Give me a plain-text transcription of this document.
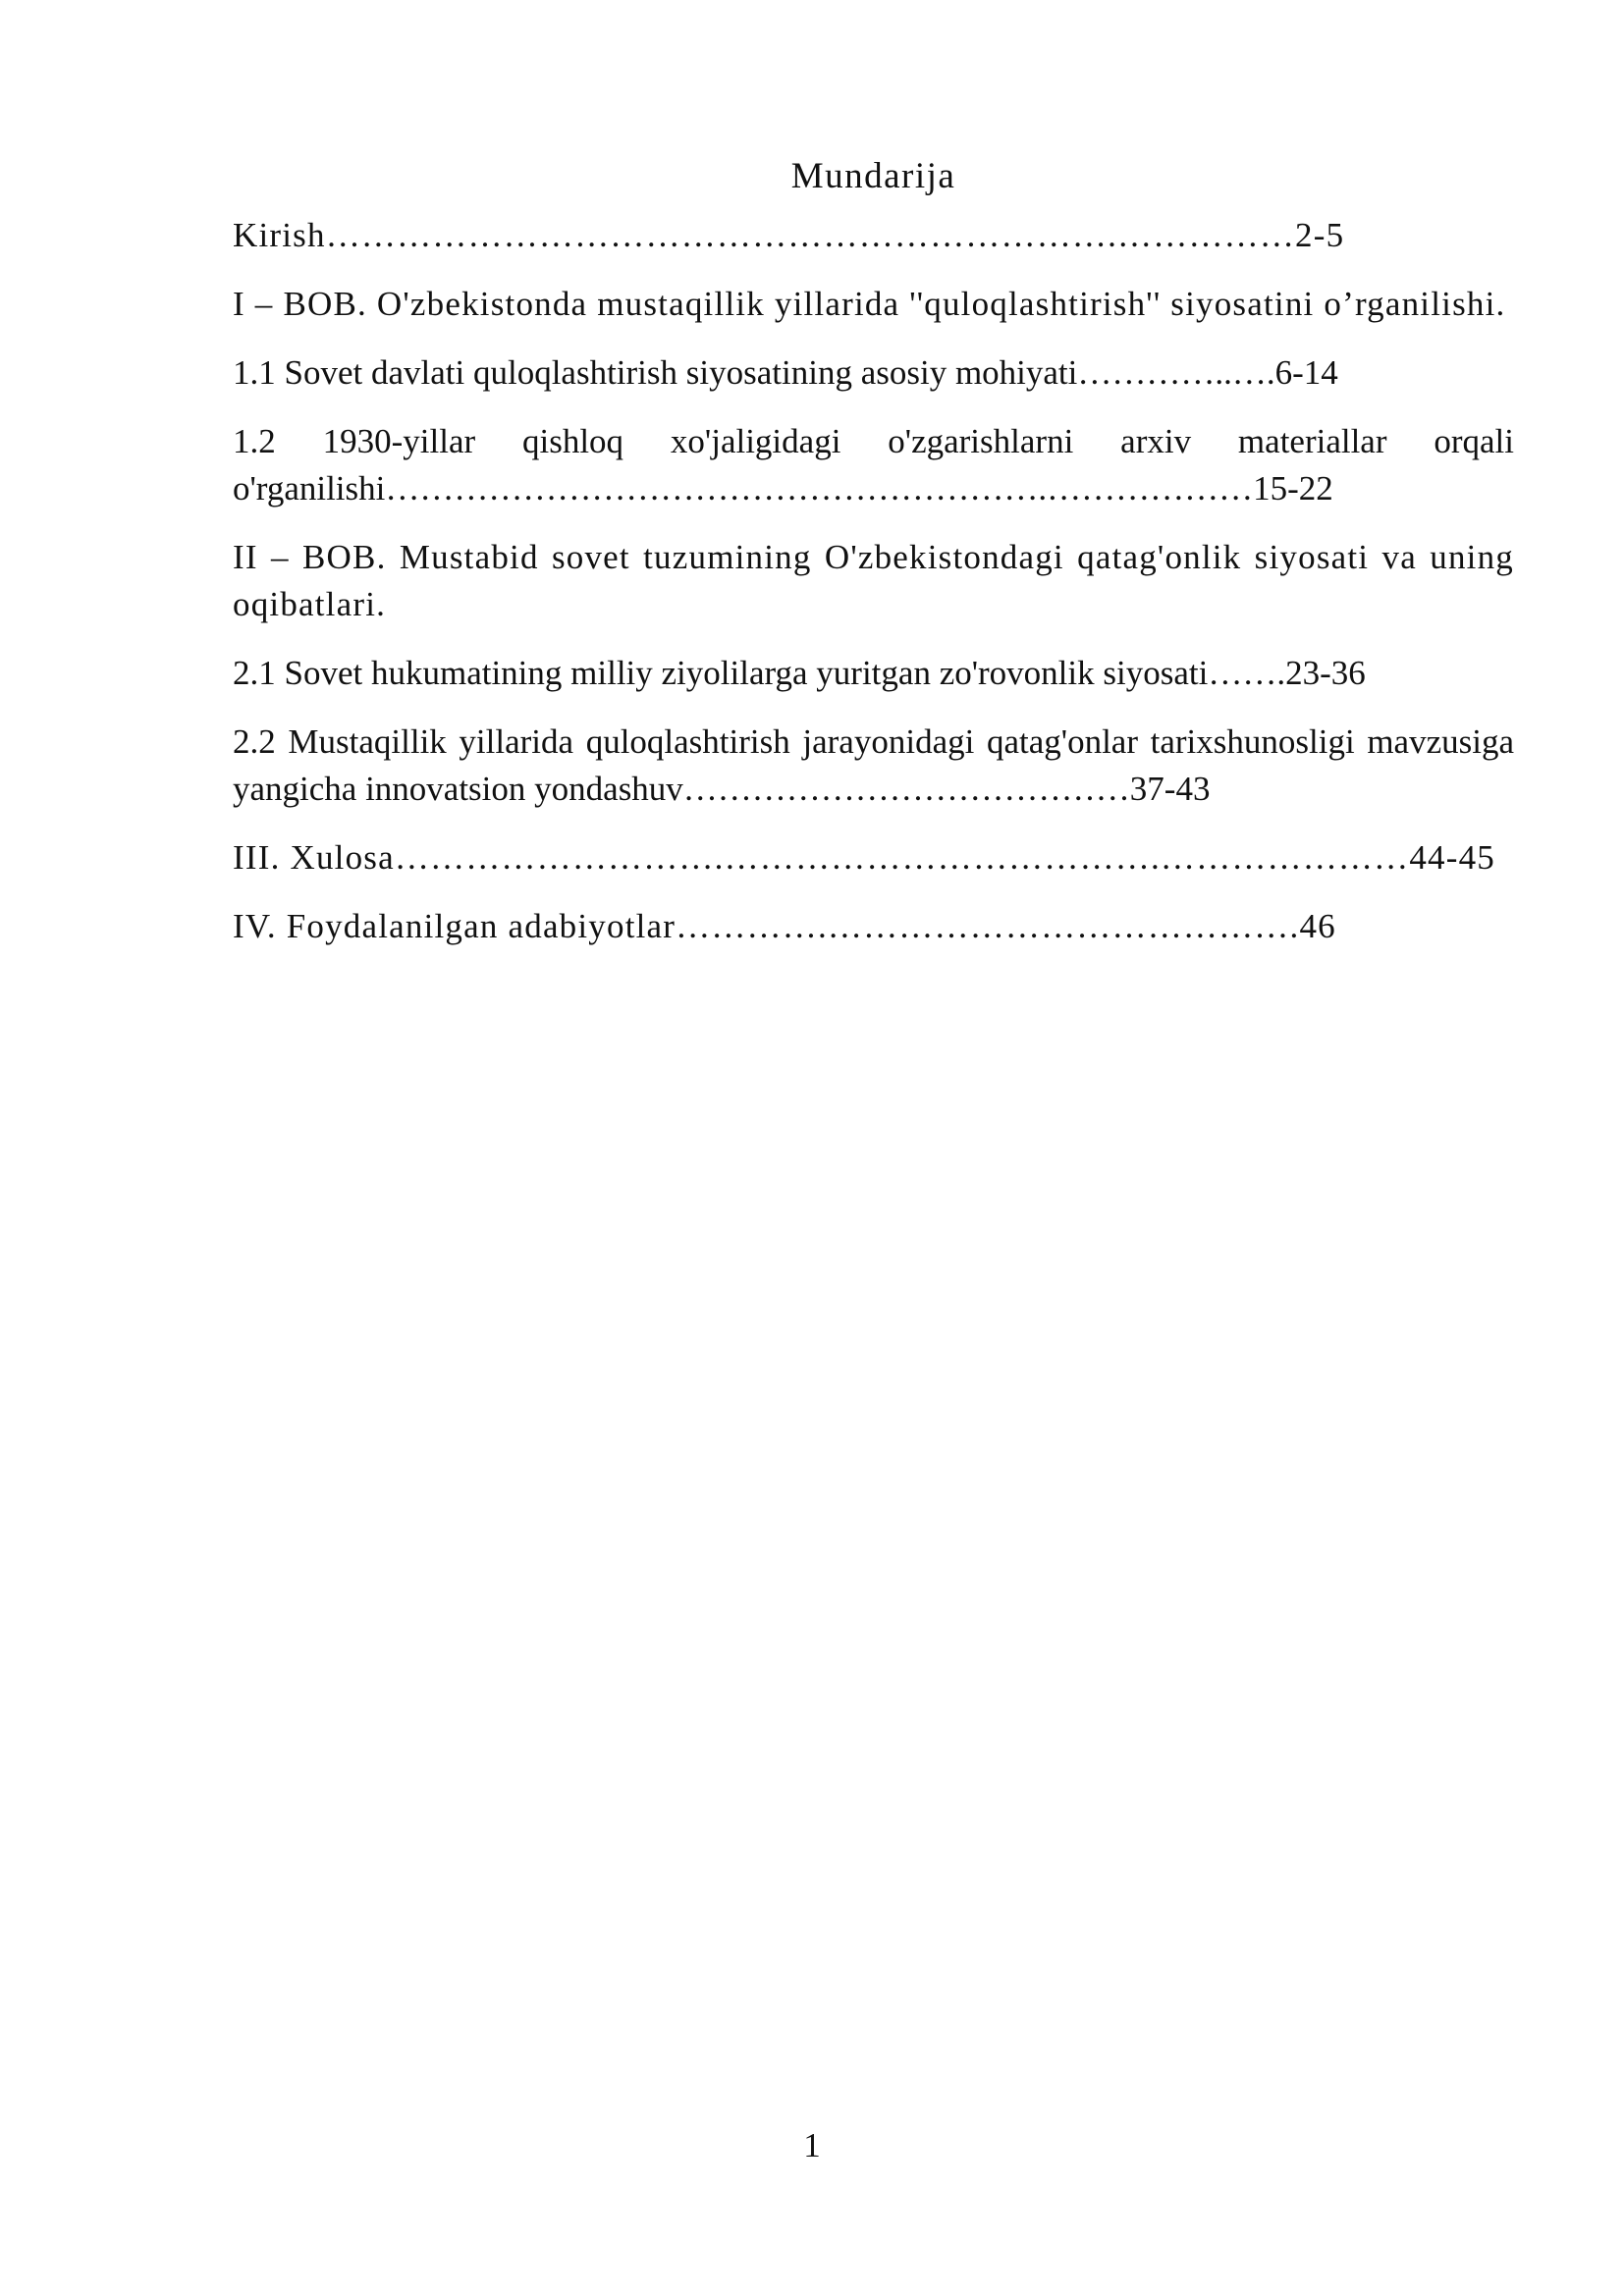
Mundarija

Kirish………………………………………………………….……………2-5

I – BOB. O'zbekistonda mustaqillik yillarida ''quloqlashtirish'' siyosatini o’rganilishi.

1.1 Sovet davlati quloqlashtirish siyosatining asosiy mohiyati…………..….6-14

1.2 1930-yillar qishloq xo'jaligidagi o'zgarishlarni arxiv materiallar orqali o'rganilishi………………………………………………….………………15-22

II – BOB. Mustabid sovet tuzumining O'zbekistondagi qatag'onlik siyosati va uning oqibatlari.

2.1 Sovet hukumatining milliy ziyolilarga yuritgan zo'rovonlik siyosati…….23-36

2.2 Mustaqillik yillarida quloqlashtirish jarayonidagi qatag'onlar tarixshunosligi mavzusiga yangicha innovatsion yondashuv…………………………………37-43

III. Xulosa……………………….……………………………….…………………44-45

IV. Foydalanilgan adabiyotlar………….………………………………….46

1
